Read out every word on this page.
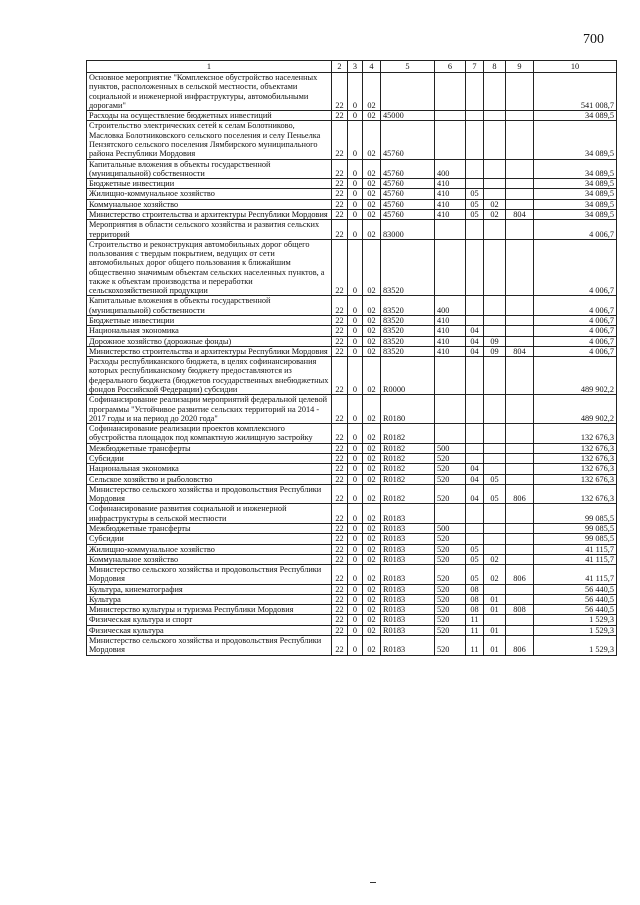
700
1	2	3	4	5	6	7	8	9	10
Основное мероприятие "Комплексное обустройство населенных пунктов, расположенных в сельской местности, объектами социальной и инженерной инфраструктуры, автомобильными дорогами"	22	0	02						541 008,7
Расходы на осуществление бюджетных инвестиций	22	0	02	45000					34 089,5
Строительство электрических сетей к селам Болотниково, Масловка Болотниковского сельского поселения и селу Пеньелка Пензятского сельского поселения Лямбирского муниципального района Республики Мордовия	22	0	02	45760					34 089,5
Капитальные вложения в объекты государственной (муниципальной) собственности	22	0	02	45760	400				34 089,5
Бюджетные инвестиции	22	0	02	45760	410				34 089,5
Жилищно-коммунальное хозяйство	22	0	02	45760	410	05			34 089,5
Коммунальное хозяйство	22	0	02	45760	410	05	02		34 089,5
Министерство строительства и архитектуры Республики Мордовия	22	0	02	45760	410	05	02	804	34 089,5
Мероприятия в области сельского хозяйства и развития сельских территорий	22	0	02	83000					4 006,7
Строительство и реконструкция автомобильных дорог общего пользования с твердым покрытием, ведущих от сети автомобильных дорог общего пользования к ближайшим общественно значимым объектам сельских населенных пунктов, а также к объектам производства и переработки сельскохозяйственной продукции	22	0	02	83520					4 006,7
Капитальные вложения в объекты государственной (муниципальной) собственности	22	0	02	83520	400				4 006,7
Бюджетные инвестиции	22	0	02	83520	410				4 006,7
Национальная экономика	22	0	02	83520	410	04			4 006,7
Дорожное хозяйство (дорожные фонды)	22	0	02	83520	410	04	09		4 006,7
Министерство строительства и архитектуры Республики Мордовия	22	0	02	83520	410	04	09	804	4 006,7
Расходы республиканского бюджета, в целях софинансирования которых республиканскому бюджету предоставляются из федерального бюджета (бюджетов государственных внебюджетных фондов Российской Федерации) субсидии	22	0	02	R0000					489 902,2
Софинансирование реализации мероприятий федеральной целевой программы "Устойчивое развитие сельских территорий на 2014 - 2017 годы и на период до 2020 года"	22	0	02	R0180					489 902,2
Софинансирование реализации проектов комплексного обустройства площадок под компактную жилищную застройку	22	0	02	R0182					132 676,3
Межбюджетные трансферты	22	0	02	R0182	500				132 676,3
Субсидии	22	0	02	R0182	520				132 676,3
Национальная экономика	22	0	02	R0182	520	04			132 676,3
Сельское хозяйство и рыболовство	22	0	02	R0182	520	04	05		132 676,3
Министерство сельского хозяйства и продовольствия Республики Мордовия	22	0	02	R0182	520	04	05	806	132 676,3
Софинансирование развития социальной и инженерной инфраструктуры в сельской местности	22	0	02	R0183					99 085,5
Межбюджетные трансферты	22	0	02	R0183	500				99 085,5
Субсидии	22	0	02	R0183	520				99 085,5
Жилищно-коммунальное хозяйство	22	0	02	R0183	520	05			41 115,7
Коммунальное хозяйство	22	0	02	R0183	520	05	02		41 115,7
Министерство сельского хозяйства и продовольствия Республики Мордовия	22	0	02	R0183	520	05	02	806	41 115,7
Культура, кинематография	22	0	02	R0183	520	08			56 440,5
Культура	22	0	02	R0183	520	08	01		56 440,5
Министерство культуры и туризма Республики Мордовия	22	0	02	R0183	520	08	01	808	56 440,5
Физическая культура и спорт	22	0	02	R0183	520	11			1 529,3
Физическая культура	22	0	02	R0183	520	11	01		1 529,3
Министерство сельского хозяйства и продовольствия Республики Мордовия	22	0	02	R0183	520	11	01	806	1 529,3
